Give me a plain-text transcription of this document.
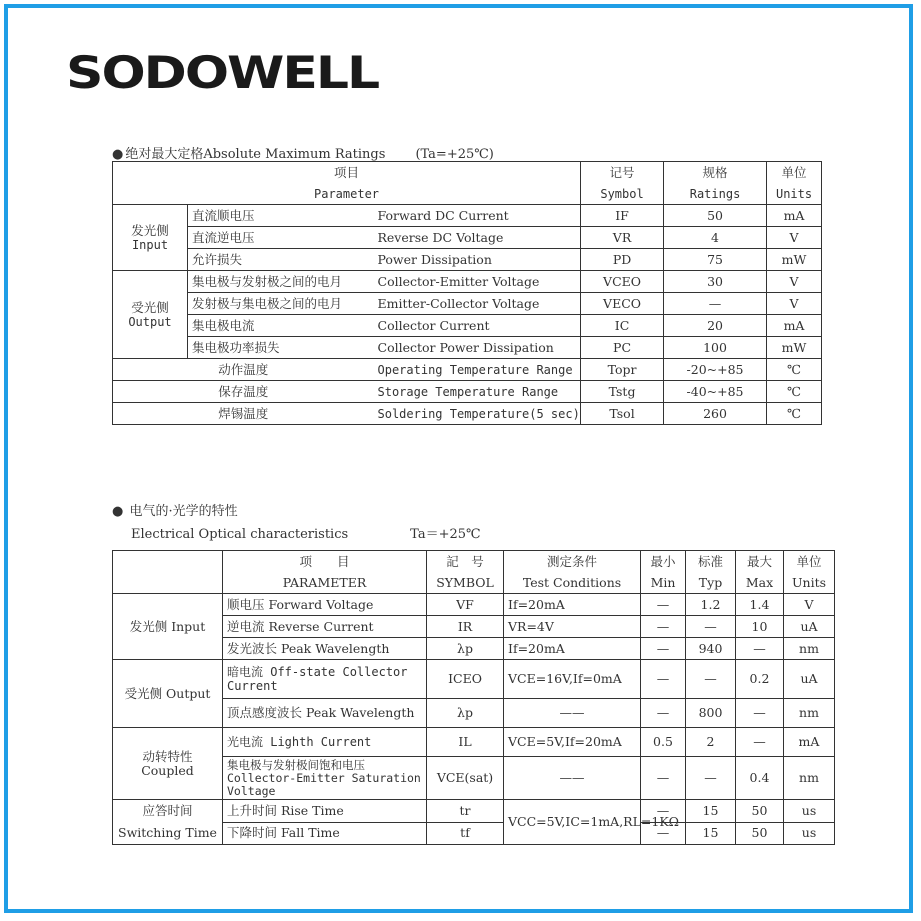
SODOWELL
● 绝对最大定格Absolute Maximum Ratings (Ta=+25℃)
项目			记号	规格	单位
Parameter			Symbol	Ratings	Units

发光侧
Input	直流顺电压	Forward DC Current	IF	50	mA
	直流逆电压	Reverse DC Voltage	VR	4	V
	允许损失	Power Dissipation	PD	75	mW

受光侧
Output	集电极与发射极之间的电月	Collector-Emitter Voltage	VCEO	30	V
	发射极与集电极之间的电月	Emitter-Collector Voltage	VECO	—	V
	集电极电流	Collector Current	IC	20	mA
	集电极功率损失	Collector Power Dissipation	PC	100	mW
动作温度		Operating Temperature Range	Topr	-20~+85	℃
保存温度		Storage Temperature Range	Tstg	-40~+85	℃
焊锡温度		Soldering Temperature(5 sec)	Tsol	260	℃
● 电气的·光学的特性
Electrical Optical characteristics	Ta＝+25℃
	项　　目	記　号	测定条件	最小	标准	最大	单位
	PARAMETER	SYMBOL	Test Conditions	Min	Typ	Max	Units
发光侧 Input	顺电压 Forward Voltage	VF	If=20mA	—	1.2	1.4	V
	逆电流 Reverse Current	IR	VR=4V	—	—	10	uA
	发光波长 Peak Wavelength	λp	If=20mA	—	940	—	nm
受光侧 Output	暗电流 Off-state Collector Current	ICEO	VCE=16V,If=0mA	—	—	0.2	uA
	顶点感度波长 Peak Wavelength	λp	——	—	800	—	nm

动转特性
Coupled	光电流 Lighth Current	IL	VCE=5V,If=20mA	0.5	2	—	mA
	集电极与发射极间饱和电压 Collector-Emitter Saturation Voltage	VCE(sat)	——	—	—	0.4	nm

应答时间
Switching Time	上升时间 Rise Time	tr	VCC=5V,IC=1mA,RL=1KΩ	—	15	50	us
	下降时间 Fall Time	tf		—	15	50	us
